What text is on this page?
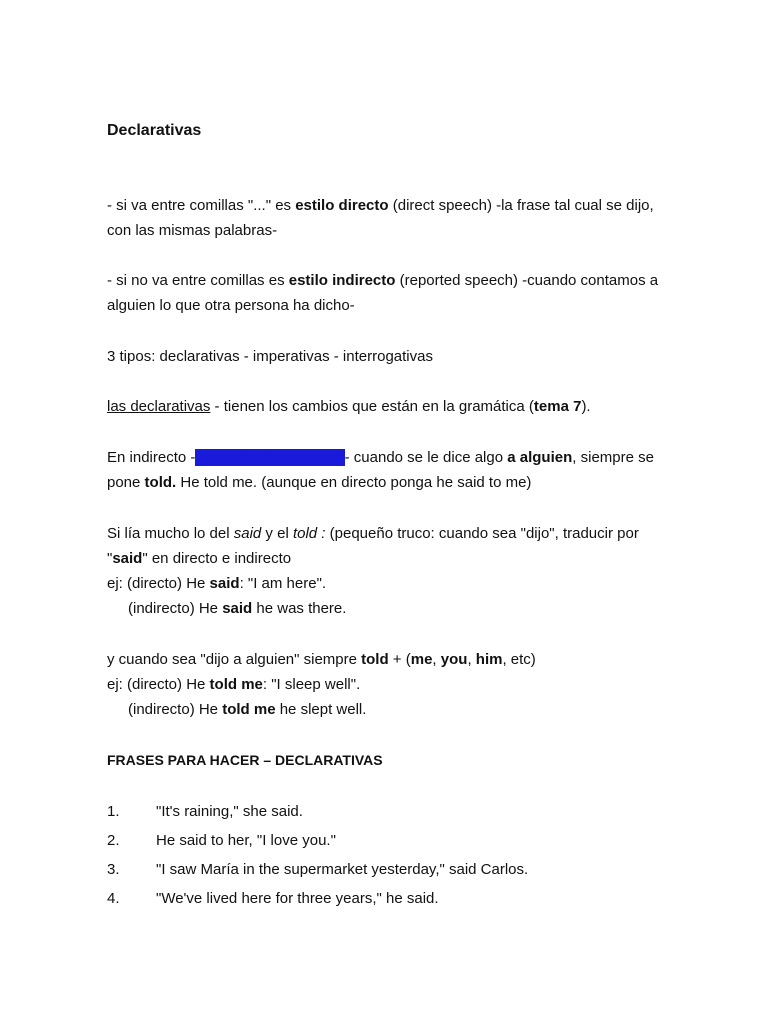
Declarativas
- si va entre comillas "..." es estilo directo (direct speech) -la frase tal cual se dijo,
con las mismas palabras-
- si no va entre comillas es estilo indirecto (reported speech) -cuando contamos a
alguien lo que otra persona ha dicho-
3 tipos: declarativas - imperativas - interrogativas
las declarativas - tienen los cambios que están en la gramática (tema 7).
En indirecto -en el verbo introductor- cuando se le dice algo a alguien, siempre se
pone told. He told me. (aunque en directo ponga he said to me)
Si lía mucho lo del said y el told : (pequeño truco: cuando sea "dijo", traducir por
"said" en directo e indirecto
ej: (directo) He said: "I am here".
(indirecto) He said he was there.
y cuando sea "dijo a alguien" siempre told + (me, you, him, etc)
ej: (directo) He told me: "I sleep well".
(indirecto) He told me he slept well.
FRASES PARA HACER – DECLARATIVAS
1. "It's raining," she said.
2. He said to her, "I love you."
3. "I saw María in the supermarket yesterday," said Carlos.
4. "We've lived here for three years," he said.
